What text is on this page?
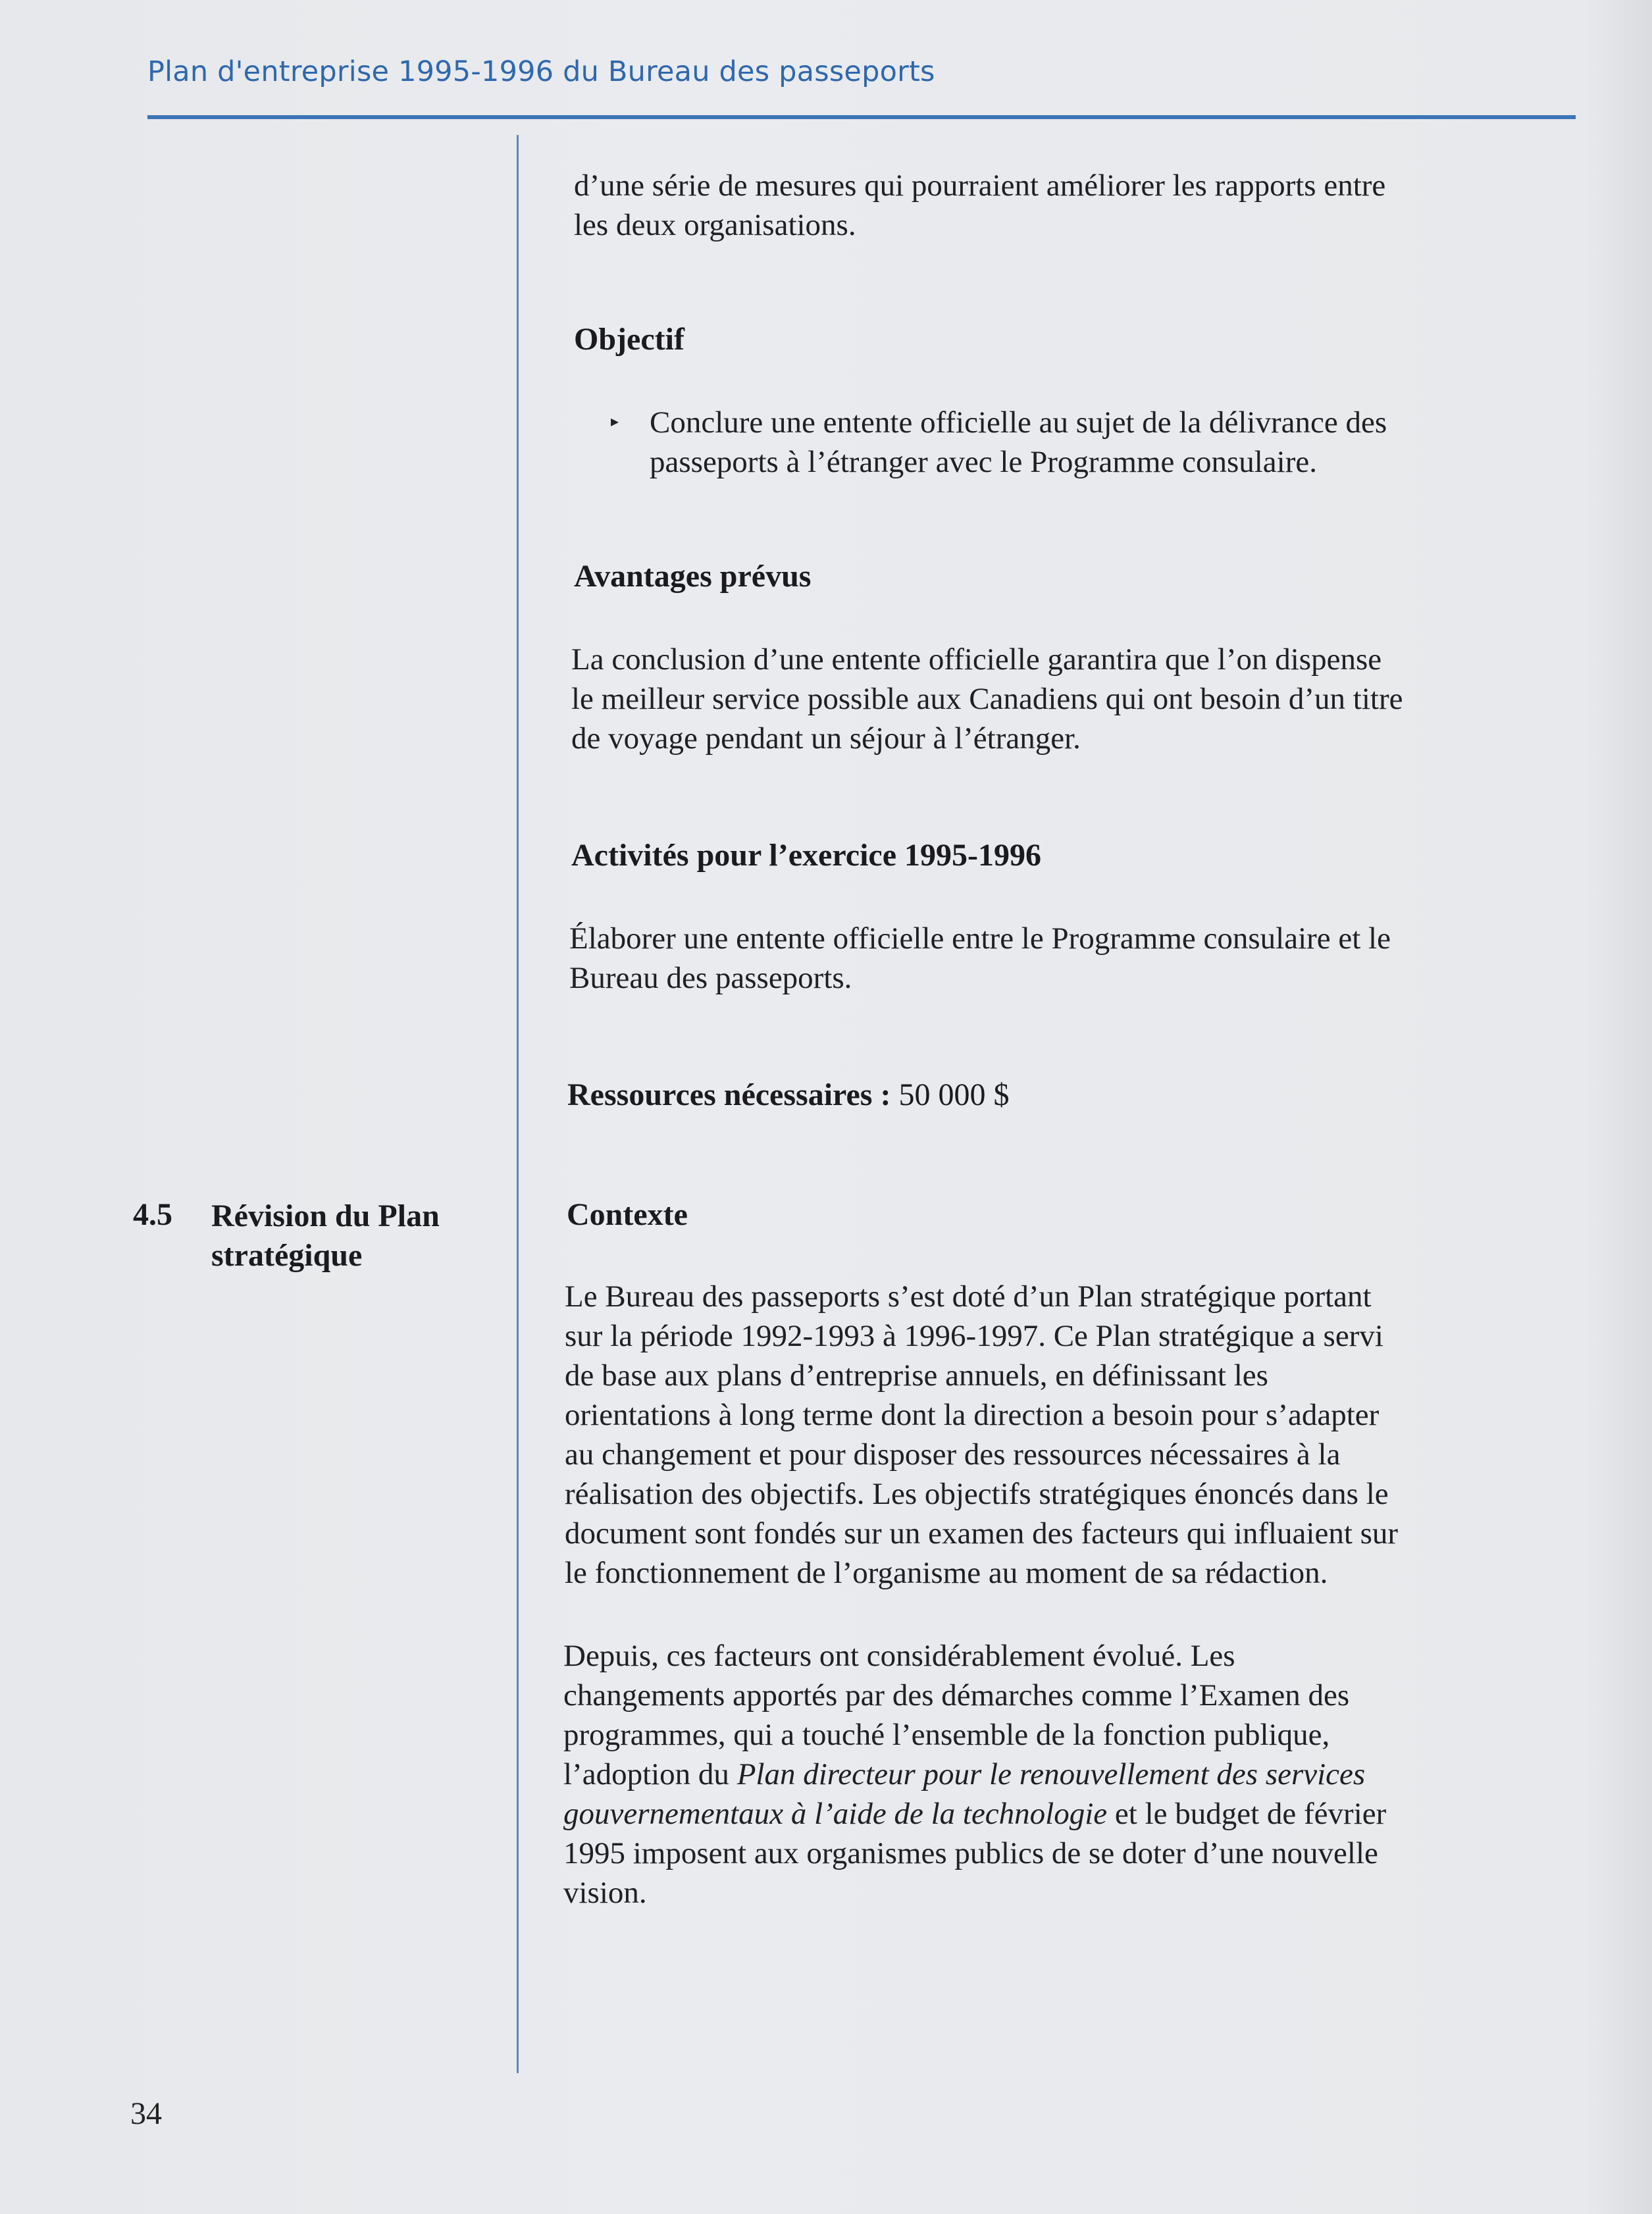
Plan d'entreprise 1995-1996 du Bureau des passeports
d’une série de mesures qui pourraient améliorer les rapports entre
les deux organisations.
Objectif
▸ Conclure une entente officielle au sujet de la délivrance des
passeports à l’étranger avec le Programme consulaire.
Avantages prévus
La conclusion d’une entente officielle garantira que l’on dispense
le meilleur service possible aux Canadiens qui ont besoin d’un titre
de voyage pendant un séjour à l’étranger.
Activités pour l’exercice 1995-1996
Élaborer une entente officielle entre le Programme consulaire et le
Bureau des passeports.
Ressources nécessaires : 50 000 $
4.5 Révision du Plan
stratégique
Contexte
Le Bureau des passeports s’est doté d’un Plan stratégique portant
sur la période 1992-1993 à 1996-1997. Ce Plan stratégique a servi
de base aux plans d’entreprise annuels, en définissant les
orientations à long terme dont la direction a besoin pour s’adapter
au changement et pour disposer des ressources nécessaires à la
réalisation des objectifs. Les objectifs stratégiques énoncés dans le
document sont fondés sur un examen des facteurs qui influaient sur
le fonctionnement de l’organisme au moment de sa rédaction.
Depuis, ces facteurs ont considérablement évolué. Les
changements apportés par des démarches comme l’Examen des
programmes, qui a touché l’ensemble de la fonction publique,
l’adoption du Plan directeur pour le renouvellement des services
gouvernementaux à l’aide de la technologie et le budget de février
1995 imposent aux organismes publics de se doter d’une nouvelle
vision.
34
